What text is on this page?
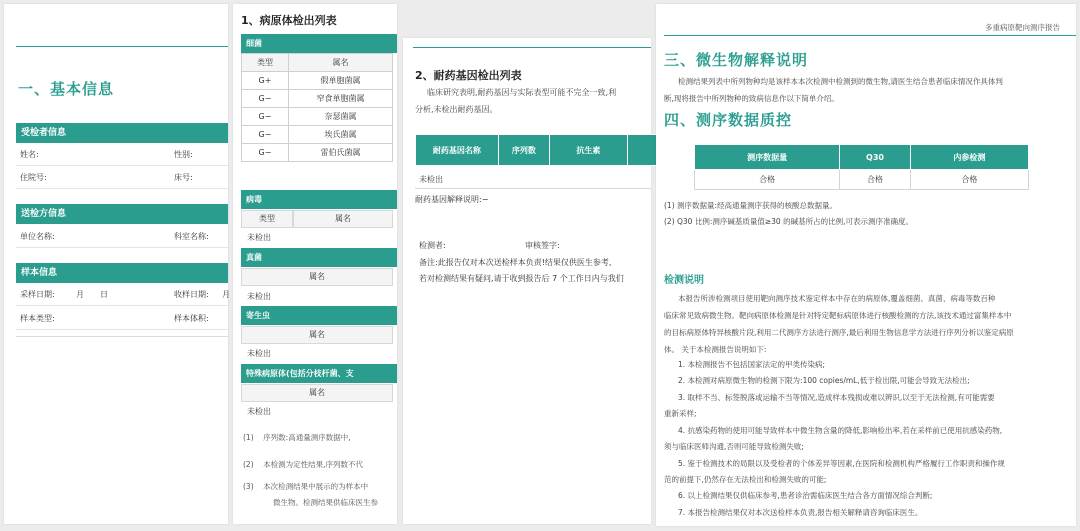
一、基本信息
受检者信息
姓名:	性别:
住院号:	床号:
送检方信息
单位名称:	科室名称:
样本信息
采样日期:	月 日	收样日期: 月
样本类型:	样本体积:
1、病原体检出列表
细菌
类型	属名
G+	假单胞菌属
G−	窄食单胞菌属
G−	奈瑟菌属
G−	埃氏菌属
G−	雷伯氏菌属
病毒
类型	属名
未检出
真菌
属名
未检出
寄生虫
属名
未检出
特殊病原体(包括分枝杆菌、支
属名
未检出
(1) 序列数:高通量测序数据中,
(2) 本检测为定性结果,序列数不代
(3) 本次检测结果中展示的为样本中
微生物。检测结果供临床医生参
2、耐药基因检出列表
临床研究表明,耐药基因与实际表型可能不完全一致,利
分析,未检出耐药基因。
耐药基因名称	序列数	抗生素	
未检出
耐药基因解释说明:−
检测者:	审核签字:
备注:此报告仅对本次送检样本负责!结果仅供医生参考,
若对检测结果有疑问,请于收到报告后 7 个工作日内与我们
多重病原靶向测序报告
三、微生物解释说明
检测结果列表中所列物种均是该样本本次检测中检测到的微生物,请医生结合患者临床情况作具体判
断,现将报告中所列物种的致病信息作以下简单介绍。
四、测序数据质控
测序数据量	Q30	内参检测
合格	合格	合格
(1) 测序数据量:经高通量测序获得的核酸总数据量。
(2) Q30 比例:测序碱基质量值≥30 的碱基所占的比例,可表示测序准确度。
检测说明
本报告所涉检测项目使用靶向测序技术鉴定样本中存在的病原体,覆盖细菌、真菌、病毒等数百种
临床常见致病微生物。靶向病原体检测是针对特定靶标病原体进行核酸检测的方法,该技术通过富集样本中
的目标病原体特异核酸片段,利用二代测序方法进行测序,最后利用生物信息学方法进行序列分析以鉴定病原
体。 关于本检测报告说明如下:
1. 本检测报告不包括国家法定的甲类传染病;
2. 本检测对病原微生物的检测下限为:100 copies/mL,低于检出限,可能会导致无法检出;
3. 取样不当、标签脱落或运输不当等情况,造成样本残损或难以辨识,以至于无法检测,有可能需要
重新采样;
4. 抗感染药物的使用可能导致样本中微生物含量的降低,影响检出率,若在采样前已使用抗感染药物,
须与临床医师沟通,否则可能导致检测失败;
5. 鉴于检测技术的局限以及受检者的个体差异等因素,在医院和检测机构严格履行工作职责和操作规
范的前提下,仍然存在无法检出和检测失败的可能;
6. 以上检测结果仅供临床参考,患者诊治需临床医生结合各方面情况综合判断;
7. 本报告检测结果仅对本次送检样本负责,报告相关解释请咨询临床医生。
